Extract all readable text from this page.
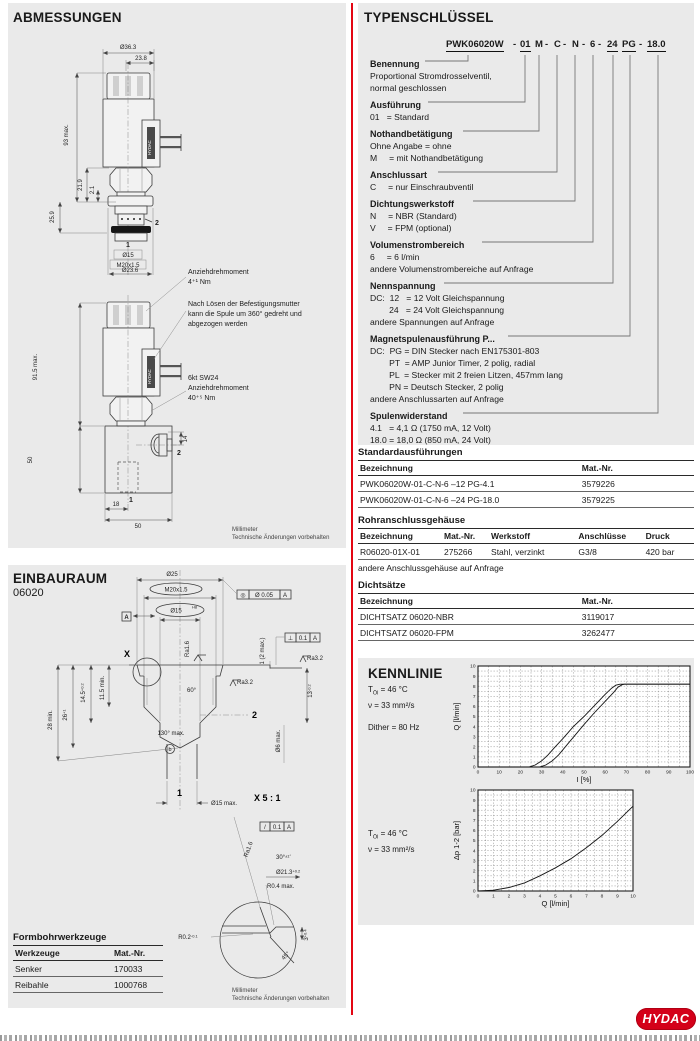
ABMESSUNGEN
HYDAC
2
1
Ø15
M20x1.5
Ø23.6
Ø36.3
23.8
93 max.
21.9 2.1
25.9
2
1
91.5 max.
50
18
50
14
Anziehdrehmoment
4⁺¹ Nm
Nach Lösen der Befestigungsmutter
kann die Spule um 360° gedreht und
abgezogen werden
6kt SW24
Anziehdrehmoment
40⁺⁵ Nm
Millimeter
Technische Änderungen vorbehalten
EINBAURAUM
06020
Ø25
M20x1.5
Ø15
H8
◎ Ø 0.05 A
A
Ra1.6
⊥ 0.1 A
Ra3.2
1 (2 max.)
X
60°
Ra3.2
2
130° max.
b
11.5 min.
$14.5^{+0.2}$
$26^{+1}$
28 min.
$13^{-0.2}$
Ø6 max.
1
Ø15 max.
X 5 : 1
/ 0.1 A
Ra1.6	30°$^{\pm 1^\circ}$
$Ø21.3^{+0.2}$
R0.4 max.
$R0.2^{-0.1}$
$3^{+0.4}$
45°
Millimeter
Technische Änderungen vorbehalten
Formbohrwerkzeuge
Werkzeuge	Mat.-Nr.
Senker	170033
Reibahle	1000768
TYPENSCHLÜSSEL
PWK06020W - 01 M - C - N - 6 - 24 PG - 18.0
Benennung
Proportional Stromdrosselventil,
normal geschlossen
Ausführung
01   = Standard
Nothandbetätigung
Ohne Angabe = ohne
M     = mit Nothandbetätigung
Anschlussart
C     = nur Einschraubventil
Dichtungswerkstoff
N     = NBR (Standard)
V     = FPM (optional)
Volumenstrombereich
6     = 6 l/min
andere Volumenstrombereiche auf Anfrage
Nennspannung
DC:  12   = 12 Volt Gleichspannung
24   = 24 Volt Gleichspannung
andere Spannungen auf Anfrage
Magnetspulenausführung P...
DC:  PG = DIN Stecker nach EN175301-803
PT  = AMP Junior Timer, 2 polig, radial
PL  = Stecker mit 2 freien Litzen, 457mm lang
PN = Deutsch Stecker, 2 polig
andere Anschlussarten auf Anfrage
Spulenwiderstand
4.1   = 4,1 Ω (1750 mA, 12 Volt)
18.0 = 18,0 Ω (850 mA, 24 Volt)
Standardausführungen
Bezeichnung	Mat.-Nr.
PWK06020W-01-C-N-6 –12 PG-4.1	3579226
PWK06020W-01-C-N-6 –24 PG-18.0	3579225
Rohranschlussgehäuse
Bezeichnung	Mat.-Nr.	Werkstoff	Anschlüsse	Druck
R06020-01X-01	275266	Stahl, verzinkt	G3/8	420 bar
andere Anschlussgehäuse auf Anfrage
Dichtsätze
Bezeichnung	Mat.-Nr.
DICHTSATZ 06020-NBR	3119017
DICHTSATZ 06020-FPM	3262477
KENNLINIE
$T_{Öl} = 46$ °C
ν = 33 mm²/s
Dither = 80 Hz
0	10	20	30	40	50	60	70	80	90	100
0
1
2
3
4
5
6
7
8
9
10
I [%]
Q [l/min]
$T_{Öl} = 46$ °C
ν = 33 mm²/s
0	1	2	3	4	5	6	7	8	9 10
0
1
2
3
4
5
6
7
8
9
10
Q [l/min]
Δp 1-2 [bar]
HYDAC
